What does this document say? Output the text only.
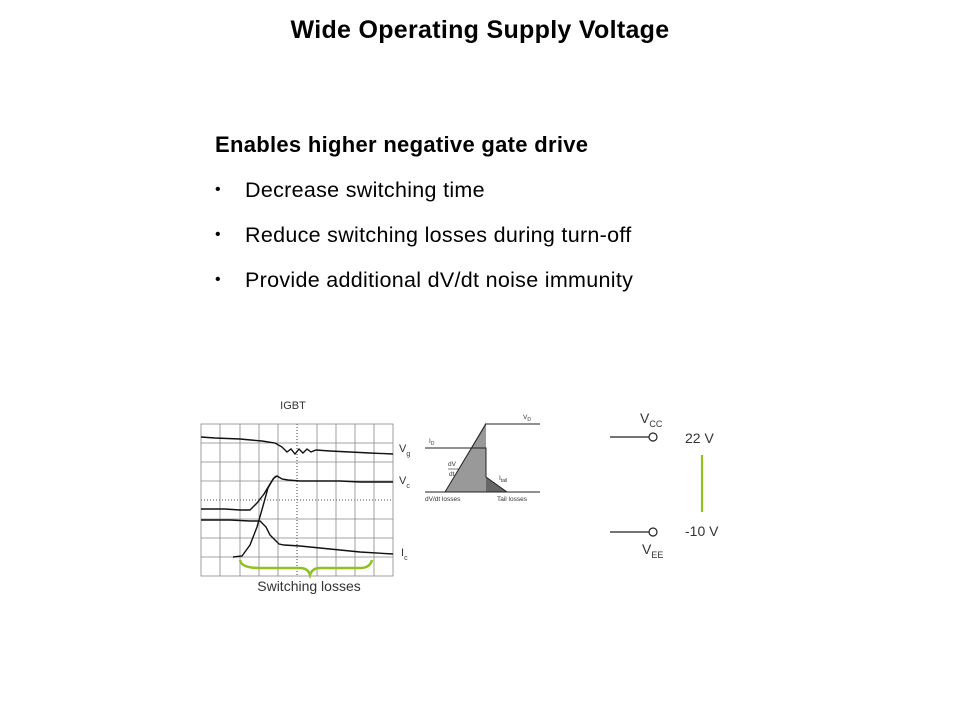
Wide Operating Supply Voltage
Enables higher negative gate drive
• Decrease switching time
• Reduce switching losses during turn-off
• Provide additional dV/dt noise immunity
IGBT
$V_g$
$V_c$
$I_c$
Switching losses
$V_D$
$I_D$
dV
dt
$I_{tail}$
dV/dt losses	Tail losses
$V_{CC}$
22 V
-10 V
$V_{EE}$
